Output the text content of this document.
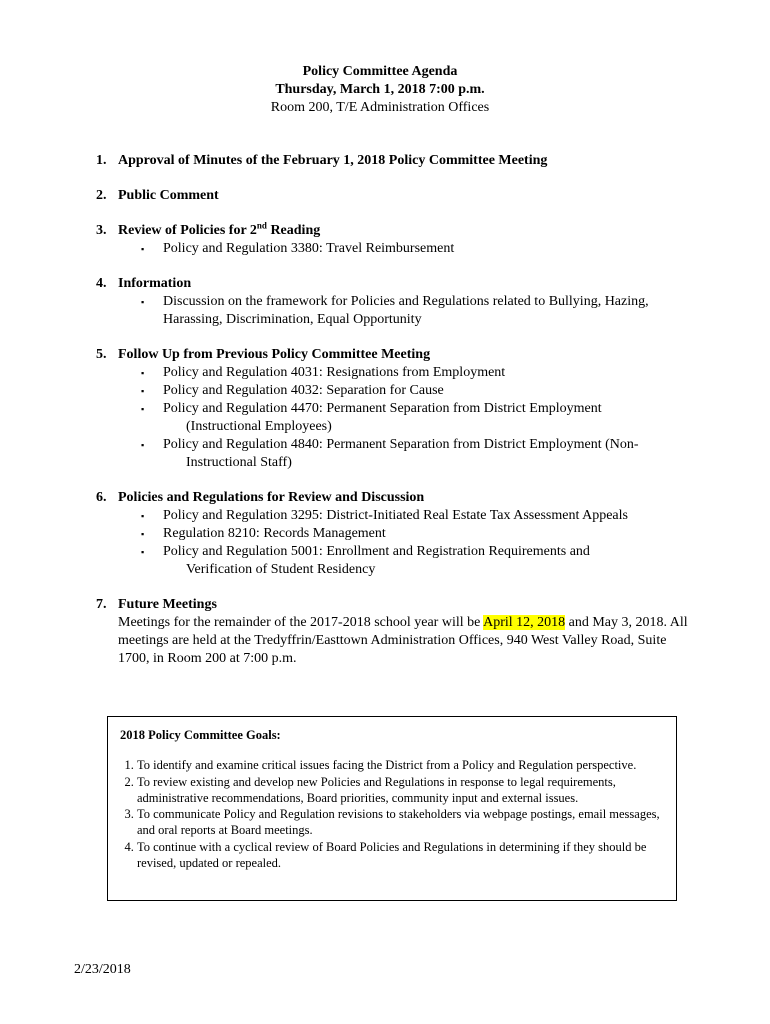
Policy Committee Agenda
Thursday, March 1, 2018 7:00 p.m.
Room 200, T/E Administration Offices
1. Approval of Minutes of the February 1, 2018 Policy Committee Meeting
2. Public Comment
3. Review of Policies for 2nd Reading
▪ Policy and Regulation 3380: Travel Reimbursement
4. Information
▪ Discussion on the framework for Policies and Regulations related to Bullying, Hazing,
Harassing, Discrimination, Equal Opportunity
5. Follow Up from Previous Policy Committee Meeting
▪ Policy and Regulation 4031: Resignations from Employment
▪ Policy and Regulation 4032: Separation for Cause
▪ Policy and Regulation 4470: Permanent Separation from District Employment
(Instructional Employees)
▪ Policy and Regulation 4840: Permanent Separation from District Employment (Non-
Instructional Staff)
6. Policies and Regulations for Review and Discussion
▪ Policy and Regulation 3295: District-Initiated Real Estate Tax Assessment Appeals
▪ Regulation 8210: Records Management
▪ Policy and Regulation 5001: Enrollment and Registration Requirements and
Verification of Student Residency
7. Future Meetings
Meetings for the remainder of the 2017-2018 school year will be April 12, 2018 and May 3, 2018. All meetings are held at the Tredyffrin/Easttown Administration Offices, 940 West Valley Road, Suite 1700, in Room 200 at 7:00 p.m.
2018 Policy Committee Goals:
1. To identify and examine critical issues facing the District from a Policy and Regulation perspective.
2. To review existing and develop new Policies and Regulations in response to legal requirements, administrative recommendations, Board priorities, community input and external issues.
3. To communicate Policy and Regulation revisions to stakeholders via webpage postings, email messages, and oral reports at Board meetings.
4. To continue with a cyclical review of Board Policies and Regulations in determining if they should be revised, updated or repealed.
2/23/2018
